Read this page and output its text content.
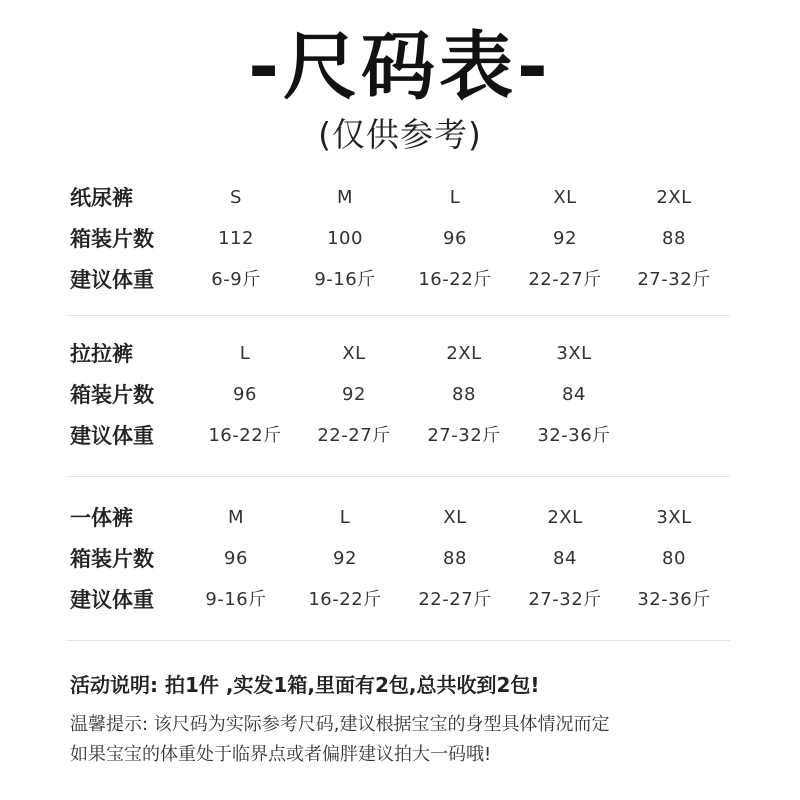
-尺码表-
(仅供参考)
纸尿裤	S	M	L	XL	2XL
箱装片数	112	100	96	92	88
建议体重	6-9斤	9-16斤	16-22斤	22-27斤	27-32斤
拉拉裤	L	XL	2XL	3XL
箱装片数	96	92	88	84
建议体重	16-22斤	22-27斤	27-32斤	32-36斤
一体裤	M	L	XL	2XL	3XL
箱装片数	96	92	88	84	80
建议体重	9-16斤	16-22斤	22-27斤	27-32斤	32-36斤
活动说明: 拍1件 ,实发1箱,里面有2包,总共收到2包!
温馨提示: 该尺码为实际参考尺码,建议根据宝宝的身型具体情况而定
如果宝宝的体重处于临界点或者偏胖建议拍大一码哦!
